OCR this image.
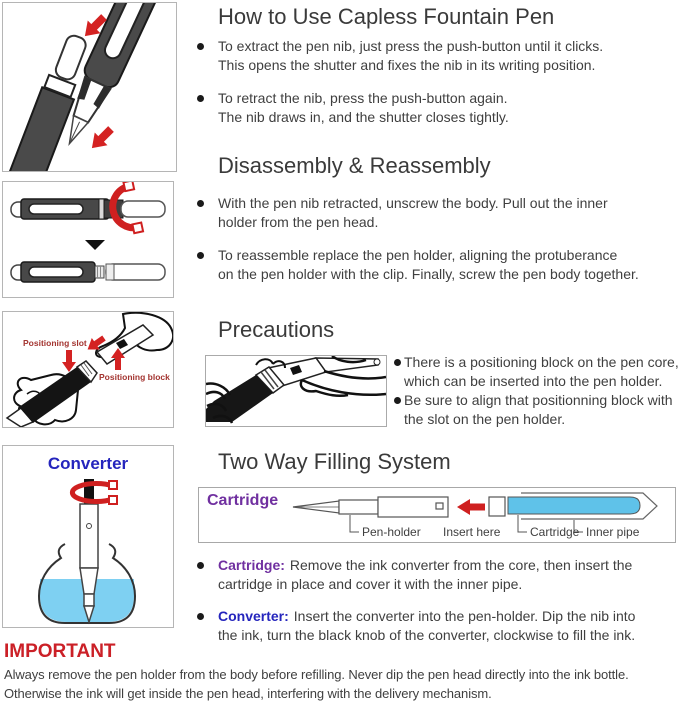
Positioning slot
Positioning block
Converter
How to Use Capless Fountain Pen
To extract the pen nib, just press the push-button until it clicks.
This opens the shutter and fixes the nib in its writing position.
To retract the nib, press the push-button again.
The nib draws in, and the shutter closes tightly.
Disassembly & Reassembly
With the pen nib retracted, unscrew the body. Pull out the inner
holder from the pen head.
To reassemble replace the pen holder, aligning the protuberance
on the pen holder with the clip. Finally, screw the pen body together.
Precautions
There is a positioning block on the pen core,
which can be inserted into the pen holder.
Be sure to align that positionning block with
the slot on the pen holder.
Two Way Filling System
Cartridge
Pen-holder Insert here Cartridge Inner pipe
Cartridge: Remove the ink converter from the core, then insert the
cartridge in place and cover it with the inner pipe.
Converter: Insert the converter into the pen-holder. Dip the nib into
the ink, turn the black knob of the converter, clockwise to fill the ink.
IMPORTANT
Always remove the pen holder from the body before refilling. Never dip the pen head directly into the ink bottle.
Otherwise the ink will get inside the pen head, interfering with the delivery mechanism.
